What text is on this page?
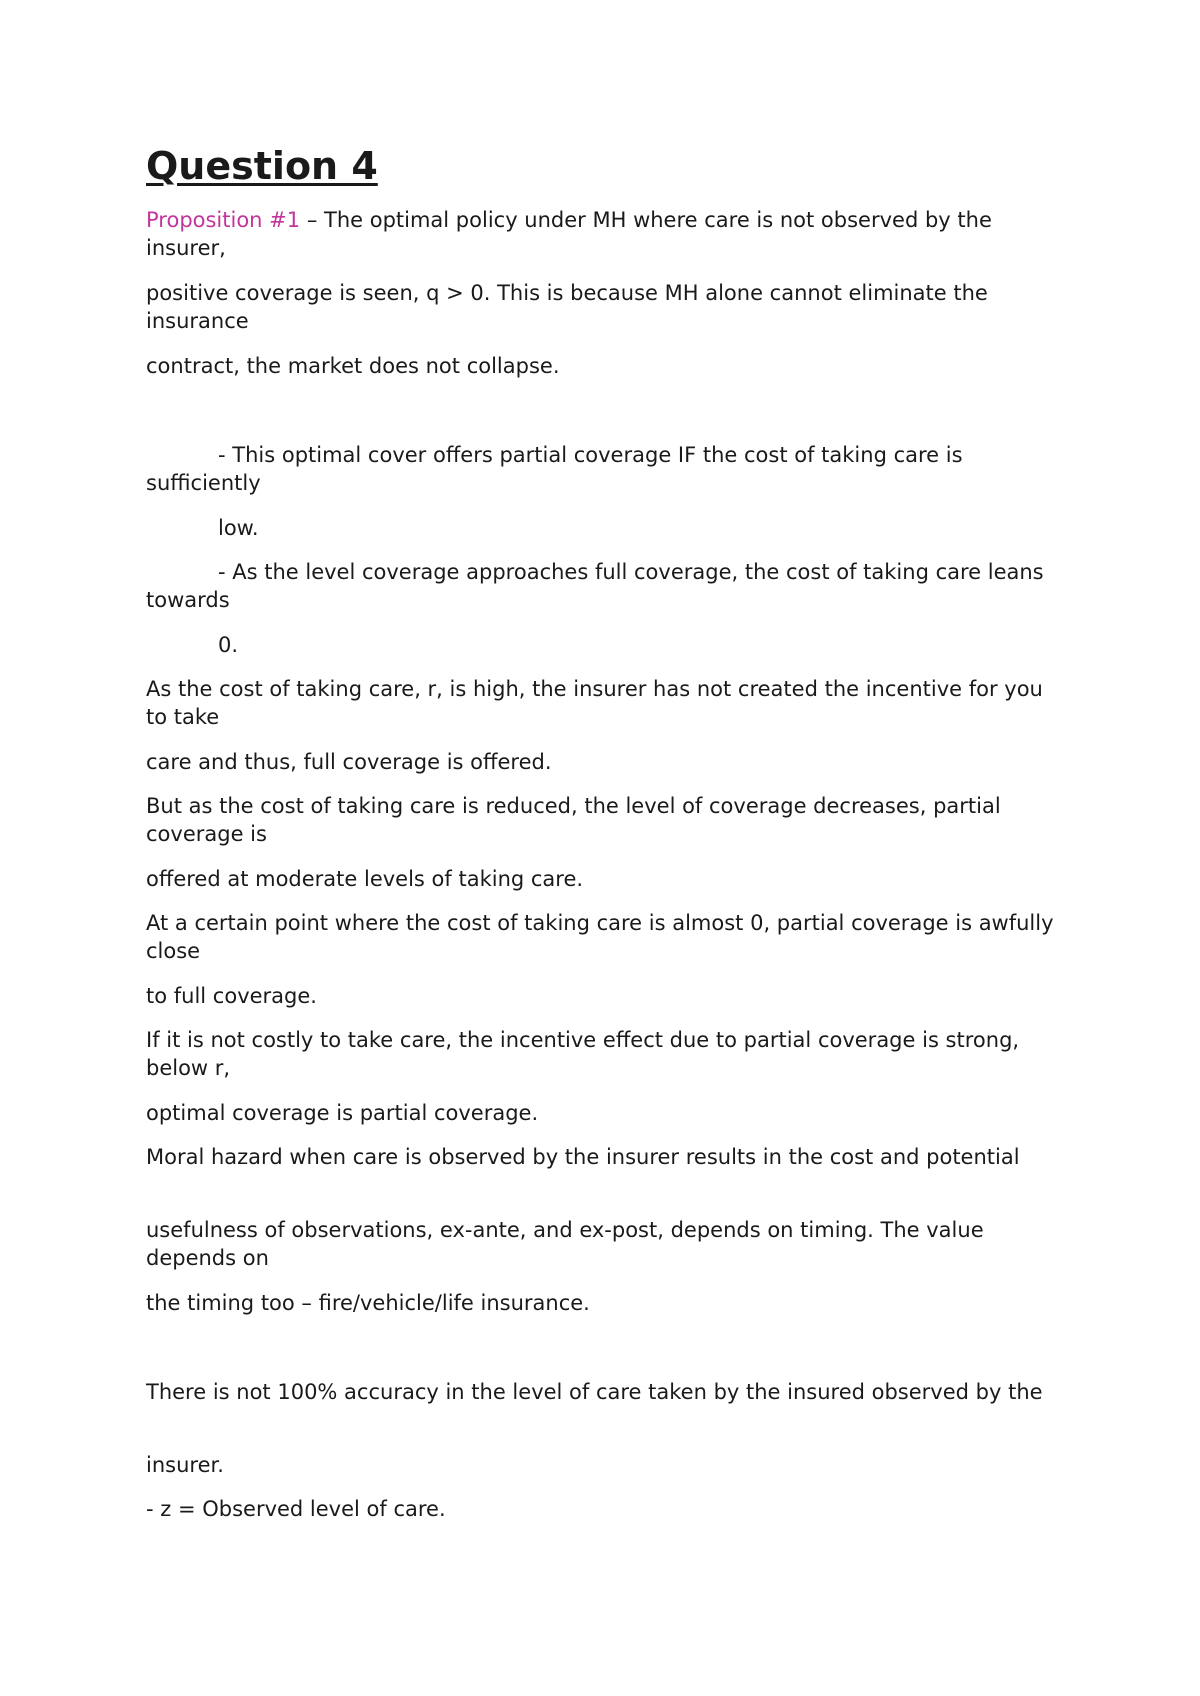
Question 4

Proposition #1 – The optimal policy under MH where care is not observed by the insurer,

positive coverage is seen, q > 0. This is because MH alone cannot eliminate the insurance

contract, the market does not collapse.

- This optimal cover offers partial coverage IF the cost of taking care is sufficiently

low.

- As the level coverage approaches full coverage, the cost of taking care leans towards

0.

As the cost of taking care, r, is high, the insurer has not created the incentive for you to take

care and thus, full coverage is offered.

But as the cost of taking care is reduced, the level of coverage decreases, partial coverage is

offered at moderate levels of taking care.

At a certain point where the cost of taking care is almost 0, partial coverage is awfully close

to full coverage.

If it is not costly to take care, the incentive effect due to partial coverage is strong, below r,

optimal coverage is partial coverage.

Moral hazard when care is observed by the insurer results in the cost and potential

usefulness of observations, ex-ante, and ex-post, depends on timing. The value depends on

the timing too – fire/vehicle/life insurance.

There is not 100% accuracy in the level of care taken by the insured observed by the

insurer.

- z = Observed level of care.
